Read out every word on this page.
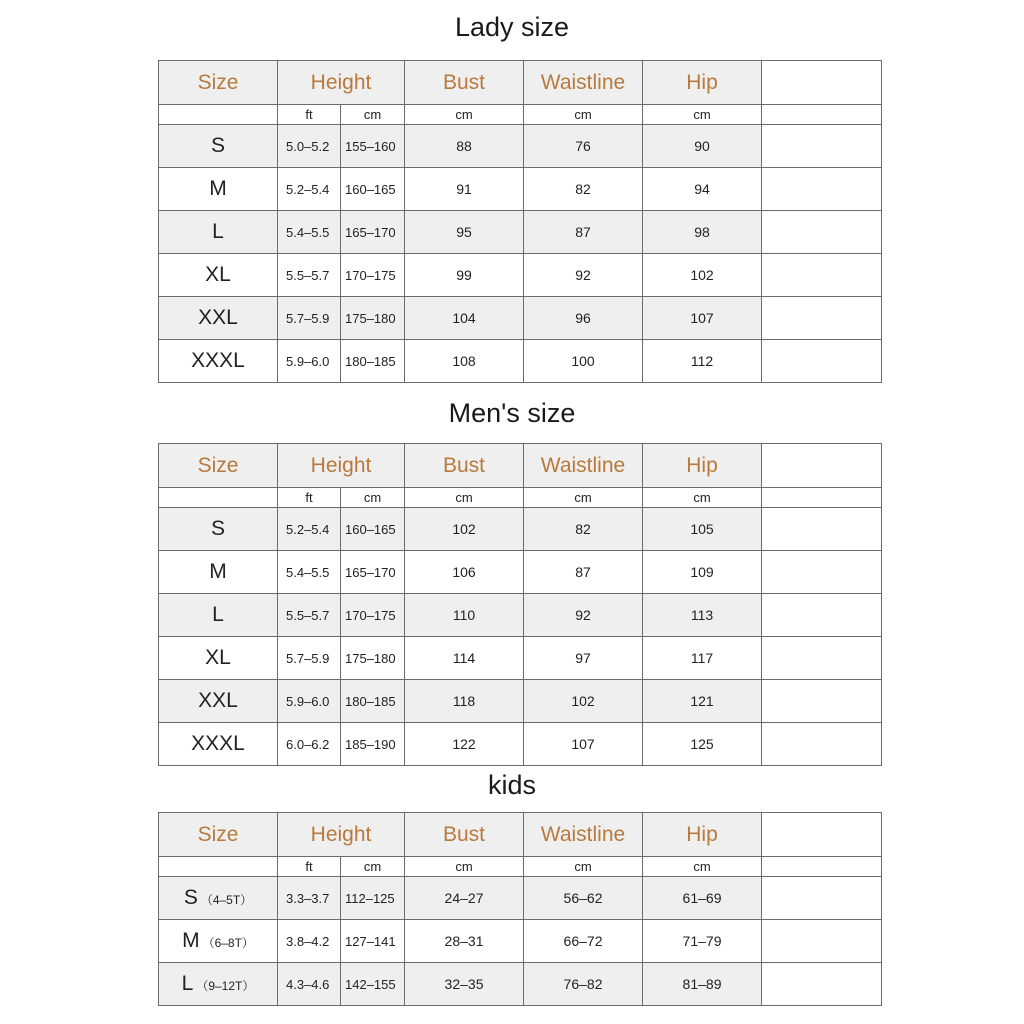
Lady size
Size	Height		Bust	Waistline	Hip	
	ft	cm	cm	cm	cm	
S	5.0–5.2	155–160	88	76	90	
M	5.2–5.4	160–165	91	82	94	
L	5.4–5.5	165–170	95	87	98	
XL	5.5–5.7	170–175	99	92	102	
XXL	5.7–5.9	175–180	104	96	107	
XXXL	5.9–6.0	180–185	108	100	112	
Men's size
Size	Height		Bust	Waistline	Hip	
	ft	cm	cm	cm	cm	
S	5.2–5.4	160–165	102	82	105	
M	5.4–5.5	165–170	106	87	109	
L	5.5–5.7	170–175	110	92	113	
XL	5.7–5.9	175–180	114	97	117	
XXL	5.9–6.0	180–185	118	102	121	
XXXL	6.0–6.2	185–190	122	107	125	
kids
Size	Height		Bust	Waistline	Hip	
	ft	cm	cm	cm	cm	
S （4–5T）	3.3–3.7	112–125	24–27	56–62	61–69	
M （6–8T）	3.8–4.2	127–141	28–31	66–72	71–79	
L （9–12T）	4.3–4.6	142–155	32–35	76–82	81–89	
